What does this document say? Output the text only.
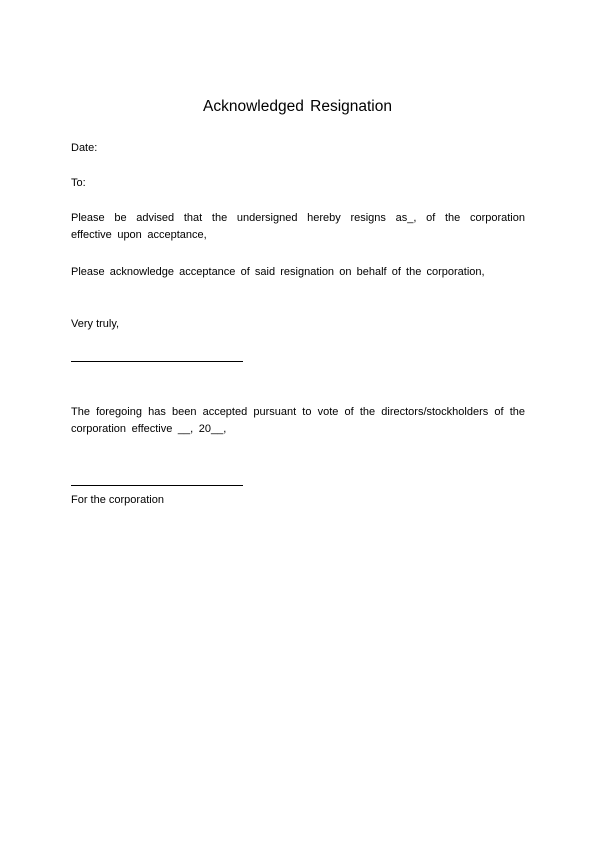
Acknowledged Resignation
Date:
To:
Please be advised that the undersigned hereby resigns as_, of the corporation effective upon acceptance,
Please acknowledge acceptance of said resignation on behalf of the corporation,
Very truly,
The foregoing has been accepted pursuant to vote of the directors/stockholders of the corporation effective __, 20__,
For the corporation
